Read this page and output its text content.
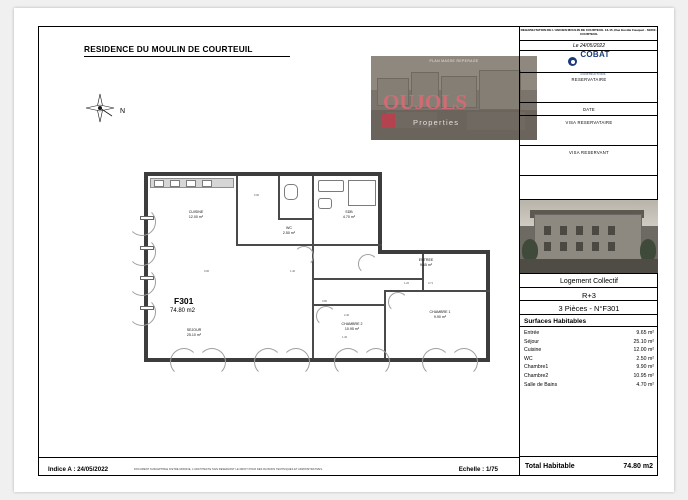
RESIDENCE DU MOULIN DE COURTEUIL
N
PLAN MASSE REPERAGE
OUJOLS
Properties
CUISINE
12.00 m²
WC
2.50 m²
SDB
4.70 m²
ENTREE
9.65 m²
SEJOUR
25.10 m²
CHAMBRE 2
10.95 m²
CHAMBRE 1
9.90 m²
F301
74.80 m2
0.90
1.40
2.40
0.80
1.20	0.71
1.40
0.90
Indice A : 24/05/2022	DOCUMENT SUSCEPTIBLE D'ETRE MODIFIE, L'ARCHITECTE S'EN RESERVANT LE DROIT POUR DES RAISONS TECHNIQUES ET ADMINISTRATIVES.	Echelle : 1/75
REHABILITATION DE L'ANCIEN MOULIN DE COURTEUIL 13-15 ,Rue Eustile Fauquet - 60300 - COURTEUIL
Le 24/05/2022
COBAT
CONSTRUCTIONS
RESERVATAIRE
DATE
VISA RESERVATAIRE
VISA RESERVANT
Logement Collectif
R+3
3 Pièces - N°F301
Surfaces Habitables
Entrée	9.65 m²
Séjour	25.10 m²
Cuisine	12.00 m²
WC	2.50 m²
Chambre1	9.90 m²
Chambre2	10.95 m²
Salle de Bains	4.70 m²
Total Habitable	74.80 m2
